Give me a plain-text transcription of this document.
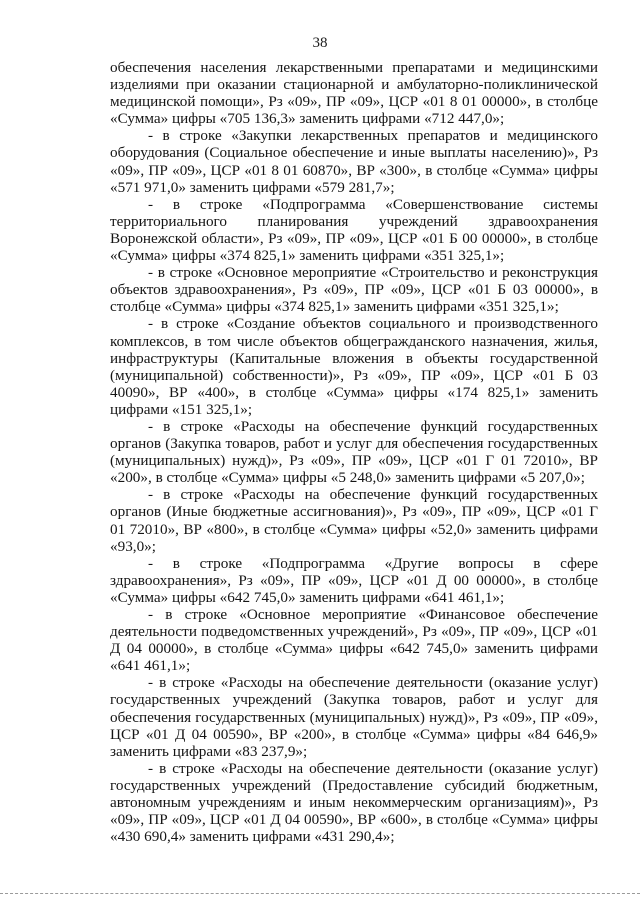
38

обеспечения населения лекарственными препаратами и медицинскими изделиями при оказании стационарной и амбулаторно-поликлинической медицинской помощи», Рз «09», ПР «09», ЦСР «01 8 01 00000», в столбце «Сумма» цифры «705 136,3» заменить цифрами «712 447,0»;

- в строке «Закупки лекарственных препаратов и медицинского оборудования (Социальное обеспечение и иные выплаты населению)», Рз «09», ПР «09», ЦСР «01 8 01 60870», ВР «300», в столбце «Сумма» цифры «571 971,0» заменить цифрами «579 281,7»;

- в строке «Подпрограмма «Совершенствование системы территориального планирования учреждений здравоохранения Воронежской области», Рз «09», ПР «09», ЦСР «01 Б 00 00000», в столбце «Сумма» цифры «374 825,1» заменить цифрами «351 325,1»;

- в строке «Основное мероприятие «Строительство и реконструкция объектов здравоохранения», Рз «09», ПР «09», ЦСР «01 Б 03 00000», в столбце «Сумма» цифры «374 825,1» заменить цифрами «351 325,1»;

- в строке «Создание объектов социального и производственного комплексов, в том числе объектов общегражданского назначения, жилья, инфраструктуры (Капитальные вложения в объекты государственной (муниципальной) собственности)», Рз «09», ПР «09», ЦСР «01 Б 03 40090», ВР «400», в столбце «Сумма» цифры «174 825,1» заменить цифрами «151 325,1»;

- в строке «Расходы на обеспечение функций государственных органов (Закупка товаров, работ и услуг для обеспечения государственных (муниципальных) нужд)», Рз «09», ПР «09», ЦСР «01 Г 01 72010», ВР «200», в столбце «Сумма» цифры «5 248,0» заменить цифрами «5 207,0»;

- в строке «Расходы на обеспечение функций государственных органов (Иные бюджетные ассигнования)», Рз «09», ПР «09», ЦСР «01 Г 01 72010», ВР «800», в столбце «Сумма» цифры «52,0» заменить цифрами «93,0»;

- в строке «Подпрограмма «Другие вопросы в сфере здравоохранения», Рз «09», ПР «09», ЦСР «01 Д 00 00000», в столбце «Сумма» цифры «642 745,0» заменить цифрами «641 461,1»;

- в строке «Основное мероприятие «Финансовое обеспечение деятельности подведомственных учреждений», Рз «09», ПР «09», ЦСР «01 Д 04 00000», в столбце «Сумма» цифры «642 745,0» заменить цифрами «641 461,1»;

- в строке «Расходы на обеспечение деятельности (оказание услуг) государственных учреждений (Закупка товаров, работ и услуг для обеспечения государственных (муниципальных) нужд)», Рз «09», ПР «09», ЦСР «01 Д 04 00590», ВР «200», в столбце «Сумма» цифры «84 646,9» заменить цифрами «83 237,9»;

- в строке «Расходы на обеспечение деятельности (оказание услуг) государственных учреждений (Предоставление субсидий бюджетным, автономным учреждениям и иным некоммерческим организациям)», Рз «09», ПР «09», ЦСР «01 Д 04 00590», ВР «600», в столбце «Сумма» цифры «430 690,4» заменить цифрами «431 290,4»;
